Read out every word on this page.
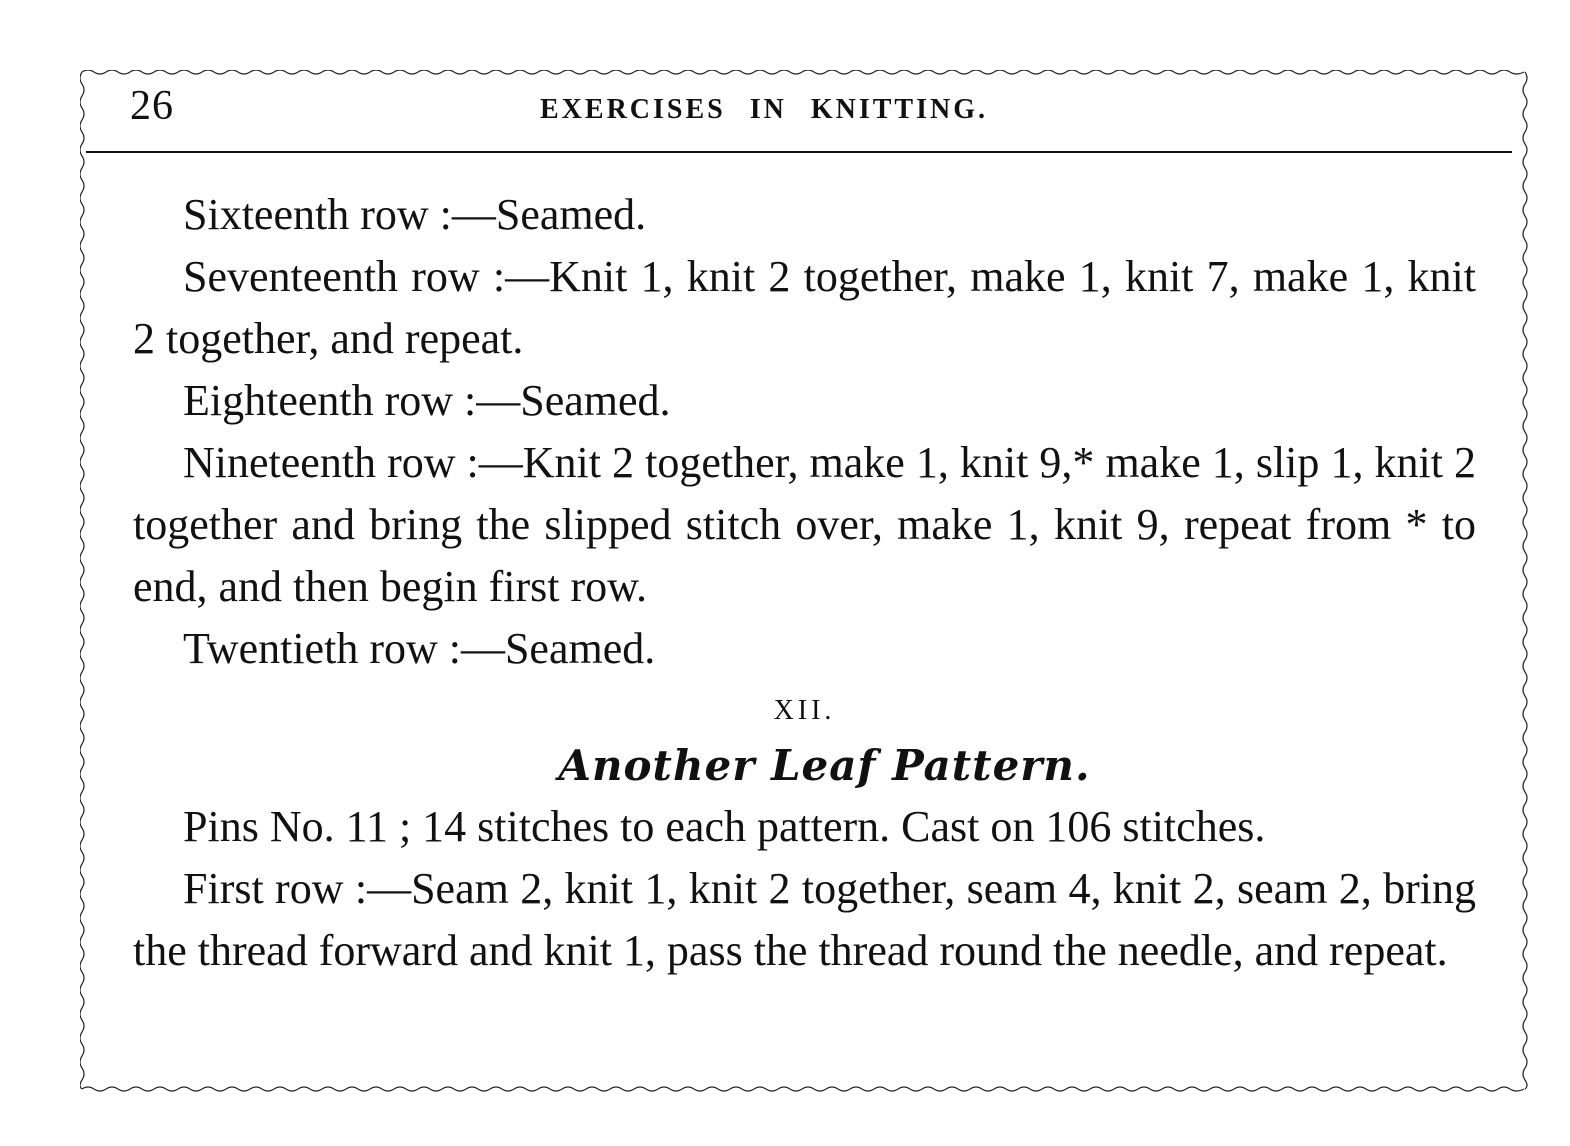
26	EXERCISES IN KNITTING.

Sixteenth row :—Seamed.

Seventeenth row :—Knit 1, knit 2 together, make 1, knit 7, make 1, knit 2 together, and repeat.

Eighteenth row :—Seamed.

Nineteenth row :—Knit 2 together, make 1, knit 9,* make 1, slip 1, knit 2 together and bring the slipped stitch over, make 1, knit 9, repeat from * to end, and then begin first row.

Twentieth row :—Seamed.

XII.

Another Leaf Pattern.

Pins No. 11 ; 14 stitches to each pattern. Cast on 106 stitches.

First row :—Seam 2, knit 1, knit 2 together, seam 4, knit 2, seam 2, bring the thread forward and knit 1, pass the thread round the needle, and repeat.
